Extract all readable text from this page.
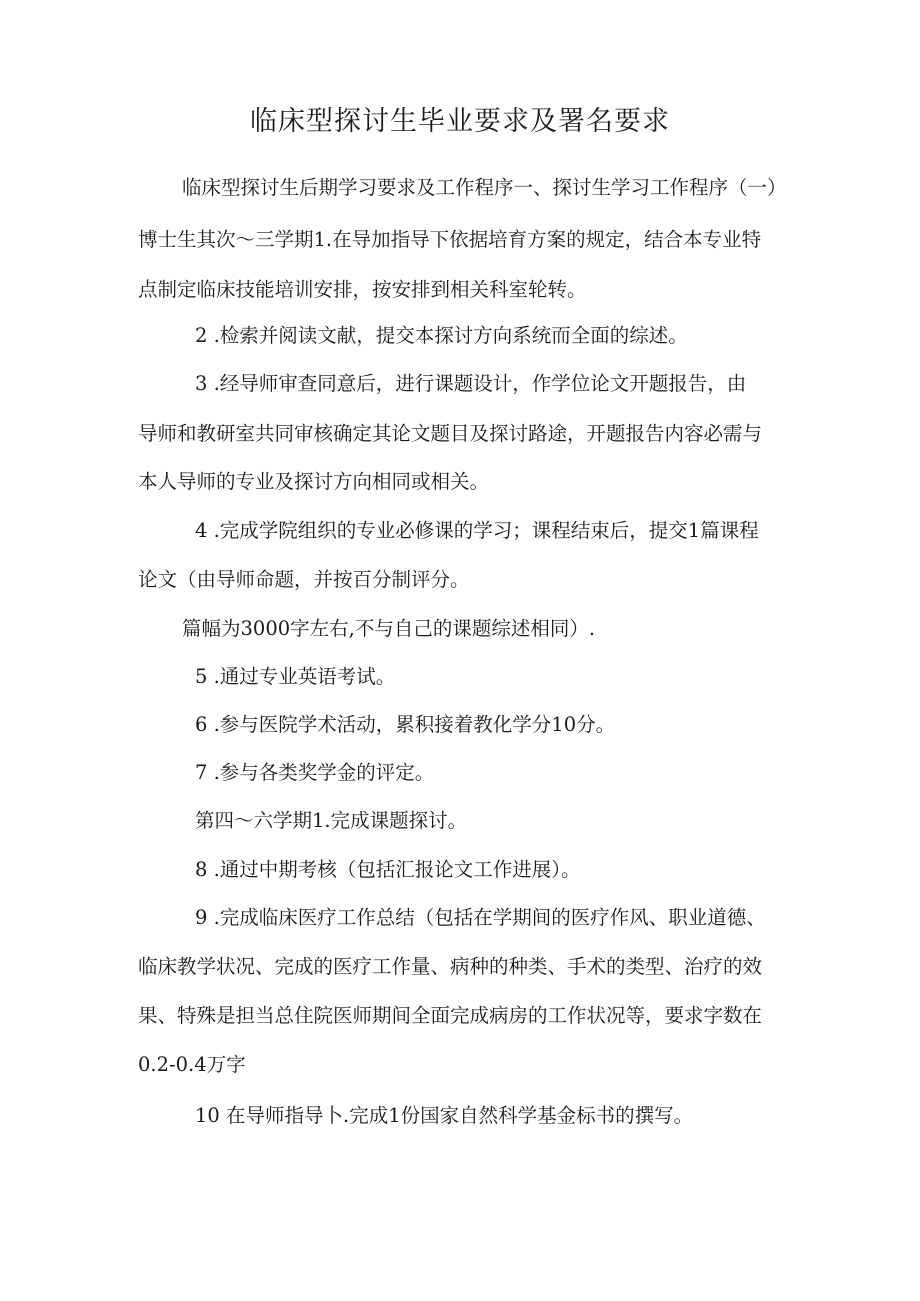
临床型探讨生毕业要求及署名要求
临床型探讨生后期学习要求及工作程序一、探讨生学习工作程序（一）
博士生其次～三学期1.在导加指导下依据培育方案的规定，结合本专业特
点制定临床技能培训安排，按安排到相关科室轮转。
2 .检索并阅读文献，提交本探讨方向系统而全面的综述。
3 .经导师审查同意后，进行课题设计，作学位论文开题报告，由
导师和教研室共同审核确定其论文题目及探讨路途，开题报告内容必需与
本人导师的专业及探讨方向相同或相关。
4 .完成学院组织的专业必修课的学习；课程结束后，提交1篇课程
论文（由导师命题，并按百分制评分。
篇幅为3000字左右,不与自己的课题综述相同）.
5 .通过专业英语考试。
6 .参与医院学术活动，累积接着教化学分10分。
7 .参与各类奖学金的评定。
第四～六学期1.完成课题探讨。
8 .通过中期考核（包括汇报论文工作进展）。
9 .完成临床医疗工作总结（包括在学期间的医疗作风、职业道德、
临床教学状况、完成的医疗工作量、病种的种类、手术的类型、治疗的效
果、特殊是担当总住院医师期间全面完成病房的工作状况等，要求字数在
0.2-0.4万字
10 在导师指导卜.完成1份国家自然科学基金标书的撰写。
